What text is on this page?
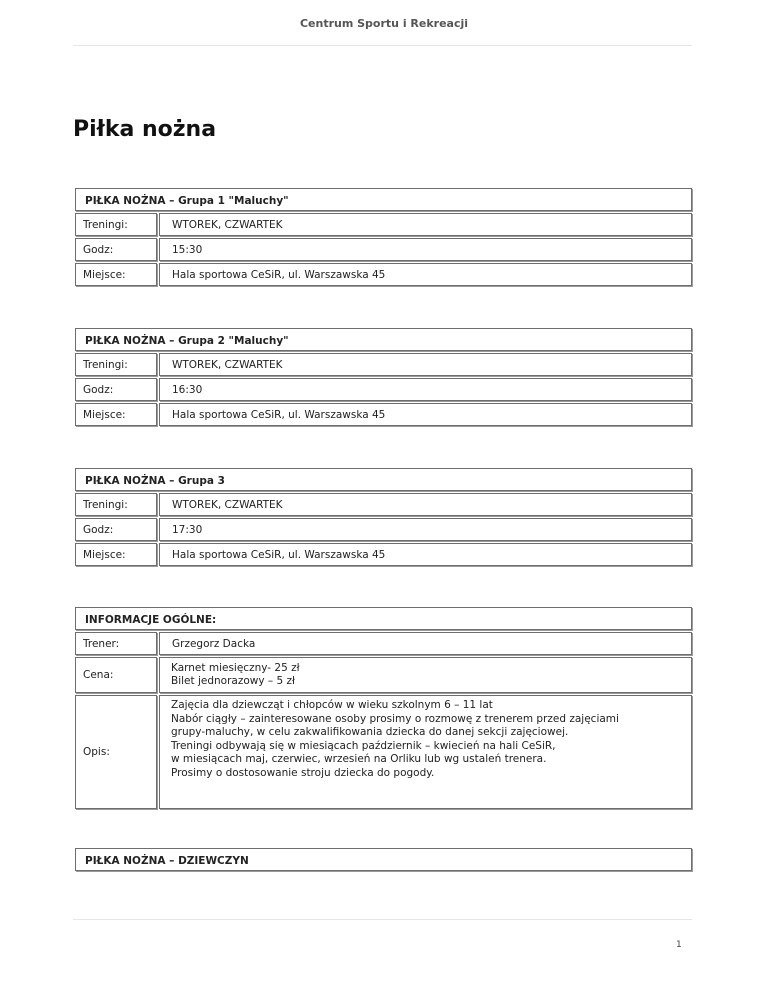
Centrum Sportu i Rekreacji
Piłka nożna
PIŁKA NOŻNA – Grupa 1 "Maluchy"
Treningi:	WTOREK, CZWARTEK
Godz:	15:30
Miejsce:	Hala sportowa CeSiR, ul. Warszawska 45
PIŁKA NOŻNA – Grupa 2 "Maluchy"
Treningi:	WTOREK, CZWARTEK
Godz:	16:30
Miejsce:	Hala sportowa CeSiR, ul. Warszawska 45
PIŁKA NOŻNA – Grupa 3
Treningi:	WTOREK, CZWARTEK
Godz:	17:30
Miejsce:	Hala sportowa CeSiR, ul. Warszawska 45
INFORMACJE OGÓLNE:
Trener:	Grzegorz Dacka
Cena:
Karnet miesięczny- 25 zł
Bilet jednorazowy – 5 zł
Opis:
Zajęcia dla dziewcząt i chłopców w wieku szkolnym 6 – 11 lat
Nabór ciągły – zainteresowane osoby prosimy o rozmowę z trenerem przed zajęciami
grupy-maluchy, w celu zakwalifikowania dziecka do danej sekcji zajęciowej.
Treningi odbywają się w miesiącach październik – kwiecień na hali CeSiR,
w miesiącach maj, czerwiec, wrzesień na Orliku lub wg ustaleń trenera.
Prosimy o dostosowanie stroju dziecka do pogody.
PIŁKA NOŻNA – DZIEWCZYN
1
